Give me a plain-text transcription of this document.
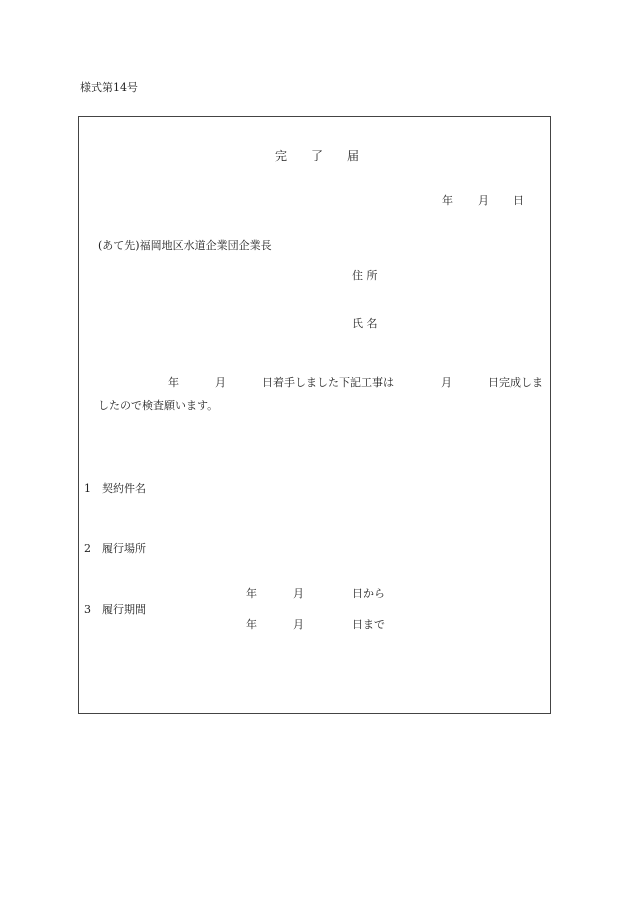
様式第14号
完 了 届
年 月 日
(あて先)福岡地区水道企業団企業長
住 所
氏 名
年	月	日着手しました下記工事は	月	日完成しま
したので検査願います。
1 契約件名
2 履行場所
3 履行期間
年	月	日から
年	月	日まで
